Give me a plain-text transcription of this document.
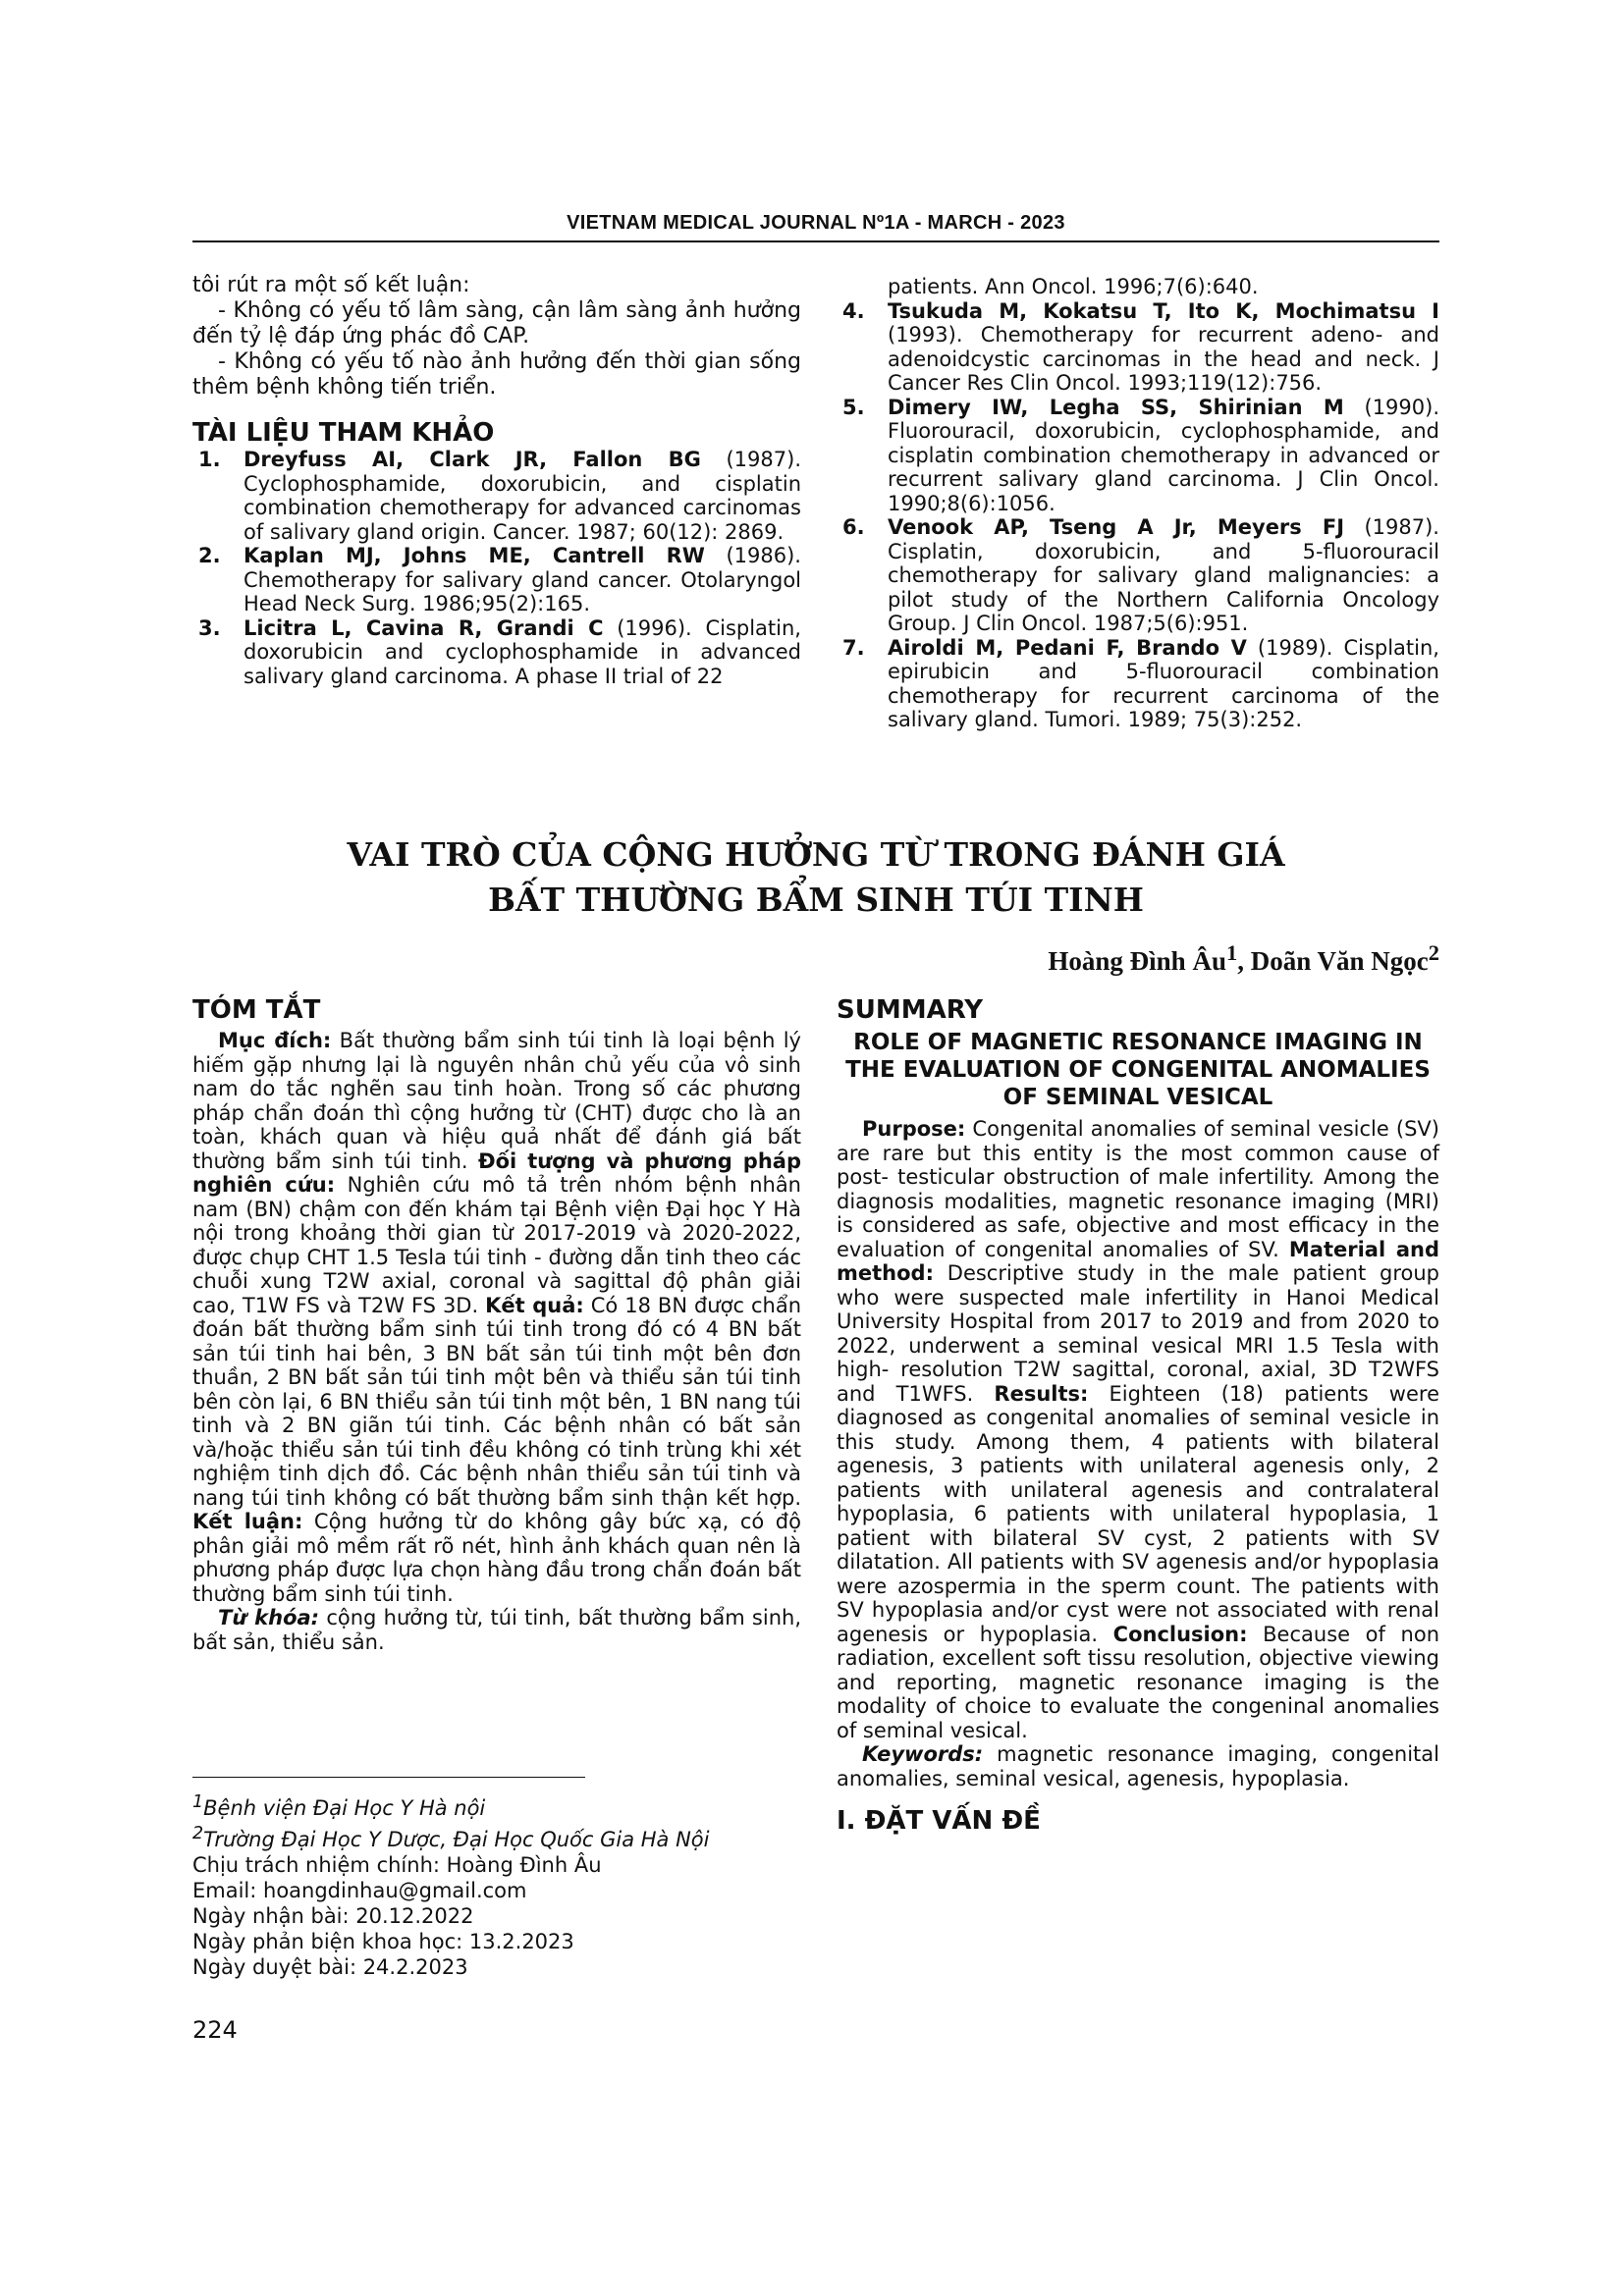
VIETNAM MEDICAL JOURNAL Nº1A - MARCH - 2023

tôi rút ra một số kết luận:

- Không có yếu tố lâm sàng, cận lâm sàng ảnh hưởng đến tỷ lệ đáp ứng phác đồ CAP.

- Không có yếu tố nào ảnh hưởng đến thời gian sống thêm bệnh không tiến triển.

TÀI LIỆU THAM KHẢO

1. Dreyfuss AI, Clark JR, Fallon BG (1987). Cyclophosphamide, doxorubicin, and cisplatin combination chemotherapy for advanced carcinomas of salivary gland origin. Cancer. 1987; 60(12): 2869.
2. Kaplan MJ, Johns ME, Cantrell RW (1986). Chemotherapy for salivary gland cancer. Otolaryngol Head Neck Surg. 1986;95(2):165.
3. Licitra L, Cavina R, Grandi C (1996). Cisplatin, doxorubicin and cyclophosphamide in advanced salivary gland carcinoma. A phase II trial of 22
patients. Ann Oncol. 1996;7(6):640.
4. Tsukuda M, Kokatsu T, Ito K, Mochimatsu I (1993). Chemotherapy for recurrent adeno- and adenoidcystic carcinomas in the head and neck. J Cancer Res Clin Oncol. 1993;119(12):756.
5. Dimery IW, Legha SS, Shirinian M (1990). Fluorouracil, doxorubicin, cyclophosphamide, and cisplatin combination chemotherapy in advanced or recurrent salivary gland carcinoma. J Clin Oncol. 1990;8(6):1056.
6. Venook AP, Tseng A Jr, Meyers FJ (1987). Cisplatin, doxorubicin, and 5-fluorouracil chemotherapy for salivary gland malignancies: a pilot study of the Northern California Oncology Group. J Clin Oncol. 1987;5(6):951.
7. Airoldi M, Pedani F, Brando V (1989). Cisplatin, epirubicin and 5-fluorouracil combination chemotherapy for recurrent carcinoma of the salivary gland. Tumori. 1989; 75(3):252.
VAI TRÒ CỦA CỘNG HƯỞNG TỪ TRONG ĐÁNH GIÁ
BẤT THƯỜNG BẨM SINH TÚI TINH
Hoàng Đình $Âu^1$, Doãn Văn Ngọc$^2$

TÓM TẮT

Mục đích: Bất thường bẩm sinh túi tinh là loại bệnh lý hiếm gặp nhưng lại là nguyên nhân chủ yếu của vô sinh nam do tắc nghẽn sau tinh hoàn. Trong số các phương pháp chẩn đoán thì cộng hưởng từ (CHT) được cho là an toàn, khách quan và hiệu quả nhất để đánh giá bất thường bẩm sinh túi tinh. Đối tượng và phương pháp nghiên cứu: Nghiên cứu mô tả trên nhóm bệnh nhân nam (BN) chậm con đến khám tại Bệnh viện Đại học Y Hà nội trong khoảng thời gian từ 2017-2019 và 2020-2022, được chụp CHT 1.5 Tesla túi tinh - đường dẫn tinh theo các chuỗi xung T2W axial, coronal và sagittal độ phân giải cao, T1W FS và T2W FS 3D. Kết quả: Có 18 BN được chẩn đoán bất thường bẩm sinh túi tinh trong đó có 4 BN bất sản túi tinh hai bên, 3 BN bất sản túi tinh một bên đơn thuần, 2 BN bất sản túi tinh một bên và thiểu sản túi tinh bên còn lại, 6 BN thiểu sản túi tinh một bên, 1 BN nang túi tinh và 2 BN giãn túi tinh. Các bệnh nhân có bất sản và/hoặc thiểu sản túi tinh đều không có tinh trùng khi xét nghiệm tinh dịch đồ. Các bệnh nhân thiểu sản túi tinh và nang túi tinh không có bất thường bẩm sinh thận kết hợp. Kết luận: Cộng hưởng từ do không gây bức xạ, có độ phân giải mô mềm rất rõ nét, hình ảnh khách quan nên là phương pháp được lựa chọn hàng đầu trong chẩn đoán bất thường bẩm sinh túi tinh.

Từ khóa: cộng hưởng từ, túi tinh, bất thường bẩm sinh, bất sản, thiểu sản.

$^1$Bệnh viện Đại Học Y Hà nội

$^2$Trường Đại Học Y Dược, Đại Học Quốc Gia Hà Nội

Chịu trách nhiệm chính: Hoàng Đình Âu

Email: hoangdinhau@gmail.com

Ngày nhận bài: 20.12.2022

Ngày phản biện khoa học: 13.2.2023

Ngày duyệt bài: 24.2.2023

SUMMARY

ROLE OF MAGNETIC RESONANCE IMAGING IN THE EVALUATION OF CONGENITAL ANOMALIES OF SEMINAL VESICAL

Purpose: Congenital anomalies of seminal vesicle (SV) are rare but this entity is the most common cause of post- testicular obstruction of male infertility. Among the diagnosis modalities, magnetic resonance imaging (MRI) is considered as safe, objective and most efficacy in the evaluation of congenital anomalies of SV. Material and method: Descriptive study in the male patient group who were suspected male infertility in Hanoi Medical University Hospital from 2017 to 2019 and from 2020 to 2022, underwent a seminal vesical MRI 1.5 Tesla with high- resolution T2W sagittal, coronal, axial, 3D T2WFS and T1WFS. Results: Eighteen (18) patients were diagnosed as congenital anomalies of seminal vesicle in this study. Among them, 4 patients with bilateral agenesis, 3 patients with unilateral agenesis only, 2 patients with unilateral agenesis and contralateral hypoplasia, 6 patients with unilateral hypoplasia, 1 patient with bilateral SV cyst, 2 patients with SV dilatation. All patients with SV agenesis and/or hypoplasia were azospermia in the sperm count. The patients with SV hypoplasia and/or cyst were not associated with renal agenesis or hypoplasia. Conclusion: Because of non radiation, excellent soft tissu resolution, objective viewing and reporting, magnetic resonance imaging is the modality of choice to evaluate the congeninal anomalies of seminal vesical.

Keywords: magnetic resonance imaging, congenital anomalies, seminal vesical, agenesis, hypoplasia.

I. ĐẶT VẤN ĐỀ

224
